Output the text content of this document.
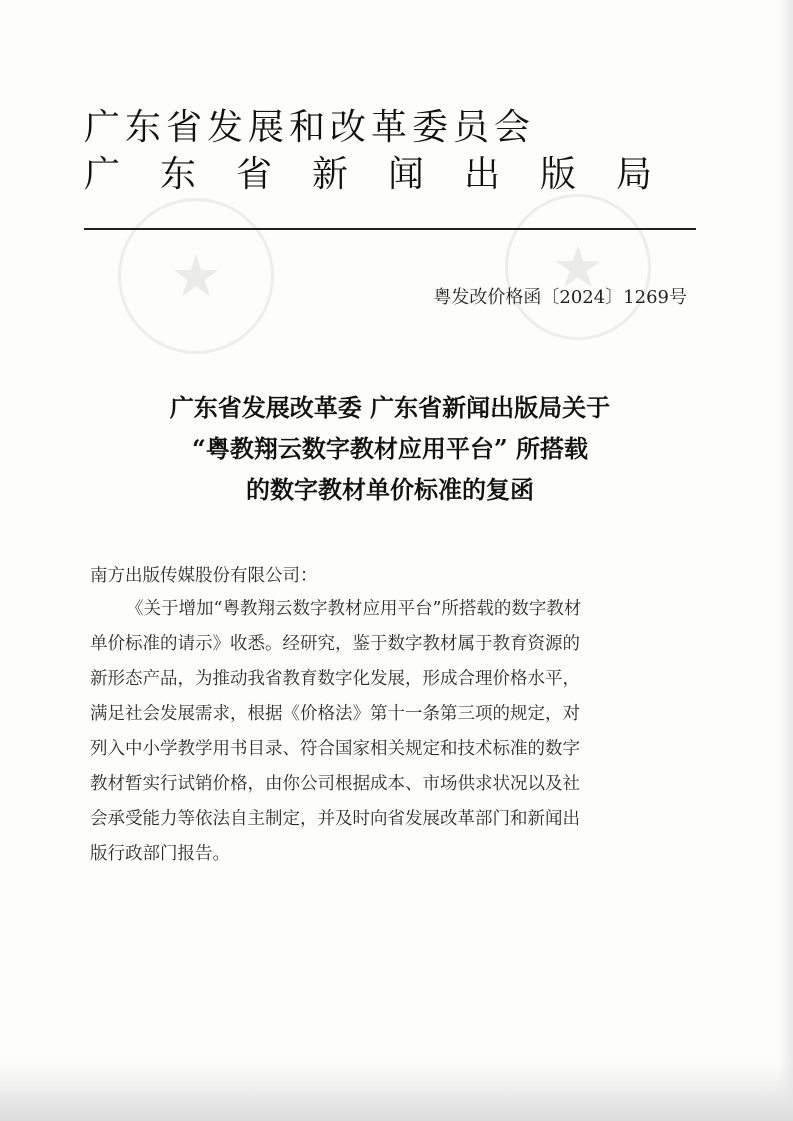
★	★
广东省发展和改革委员会
广东省新闻出版局
粤发改价格函〔2024〕1269号
广东省发展改革委 广东省新闻出版局关于
“粤教翔云数字教材应用平台” 所搭载
的数字教材单价标准的复函
南方出版传媒股份有限公司：
《关于增加“粤教翔云数字教材应用平台”所搭载的数字教材
单价标准的请示》收悉。经研究，鉴于数字教材属于教育资源的
新形态产品，为推动我省教育数字化发展，形成合理价格水平，
满足社会发展需求，根据《价格法》第十一条第三项的规定，对
列入中小学教学用书目录、符合国家相关规定和技术标准的数字
教材暂实行试销价格，由你公司根据成本、市场供求状况以及社
会承受能力等依法自主制定，并及时向省发展改革部门和新闻出
版行政部门报告。
